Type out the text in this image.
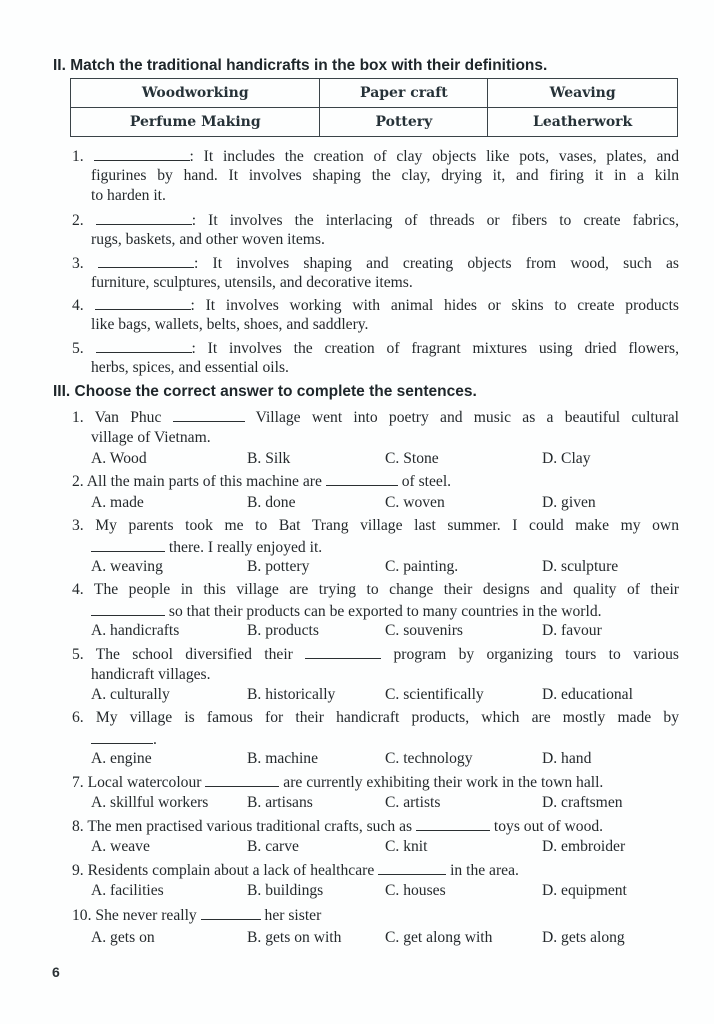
II. Match the traditional handicrafts in the box with their definitions.
Woodworking	Paper craft	Weaving
Perfume Making	Pottery	Leatherwork
1.	: It includes the creation of clay objects like pots, vases, plates, and
figurines by hand. It involves shaping the clay, drying it, and firing it in a kiln
to harden it.
2.	: It involves the interlacing of threads or fibers to create fabrics,
rugs, baskets, and other woven items.
3.	: It involves shaping and creating objects from wood, such as
furniture, sculptures, utensils, and decorative items.
4.	: It involves working with animal hides or skins to create products
like bags, wallets, belts, shoes, and saddlery.
5.	: It involves the creation of fragrant mixtures using dried flowers,
herbs, spices, and essential oils.
III. Choose the correct answer to complete the sentences.
1. Van Phuc	Village went into poetry and music as a beautiful cultural
village of Vietnam.
A. Wood	B. Silk	C. Stone	D. Clay
2. All the main parts of this machine are	of steel.
A. made	B. done	C. woven	D. given
3. My parents took me to Bat Trang village last summer. I could make my own
there. I really enjoyed it.
A. weaving	B. pottery	C. painting.	D. sculpture
4. The people in this village are trying to change their designs and quality of their
so that their products can be exported to many countries in the world.
A. handicrafts	B. products	C. souvenirs	D. favour
5. The school diversified their	program by organizing tours to various
handicraft villages.
A. culturally	B. historically	C. scientifically	D. educational
6. My village is famous for their handicraft products, which are mostly made by
.
A. engine	B. machine	C. technology	D. hand
7. Local watercolour	are currently exhibiting their work in the town hall.
A. skillful workers B. artisans	C. artists	D. craftsmen
8. The men practised various traditional crafts, such as	toys out of wood.
A. weave	B. carve	C. knit	D. embroider
9. Residents complain about a lack of healthcare	in the area.
A. facilities	B. buildings	C. houses	D. equipment
10. She never really	her sister
A. gets on	B. gets on with	C. get along with	D. gets along
6
